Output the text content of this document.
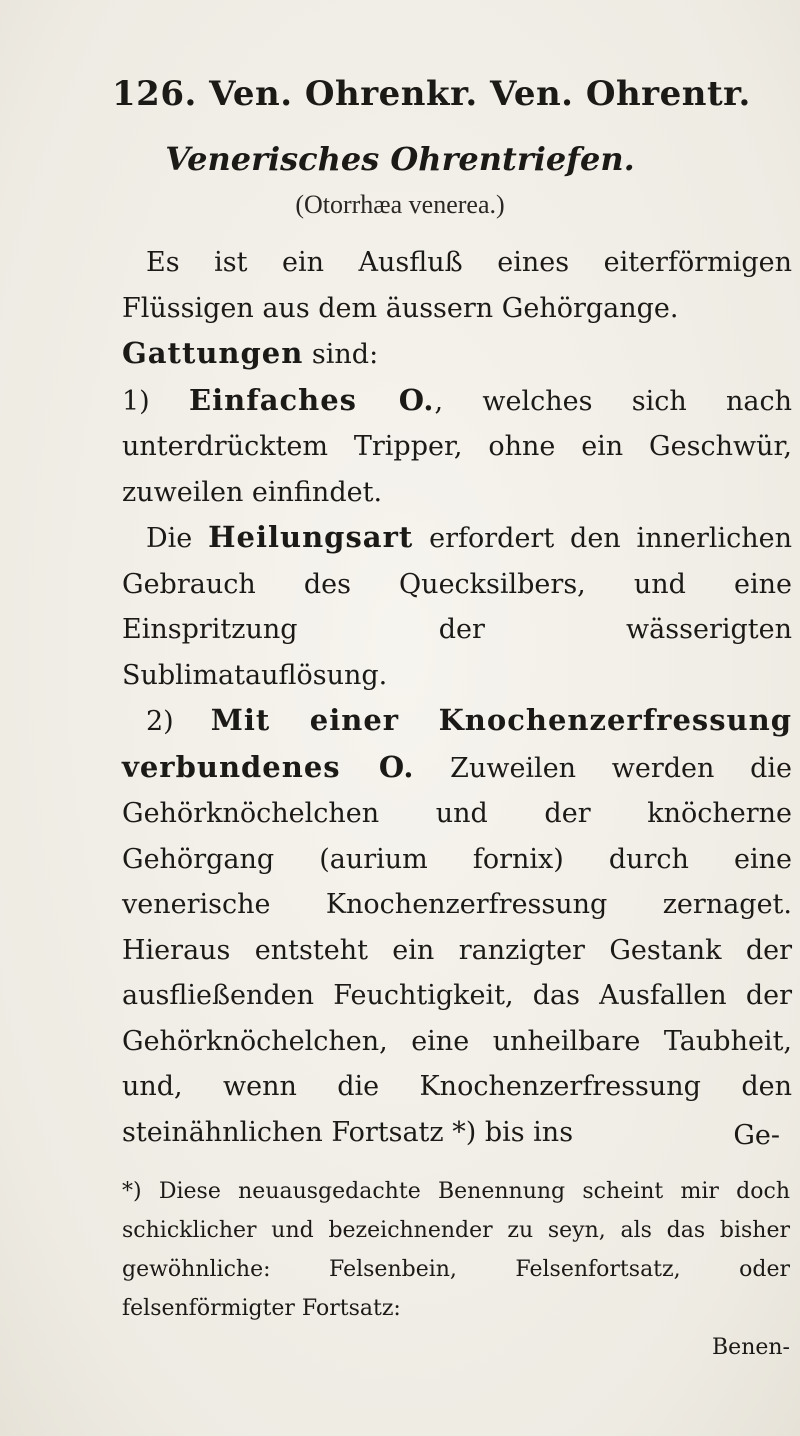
126. Ven. Ohrenkr. Ven. Ohrentr.
Venerisches Ohrentriefen.
(Otorrhæa venerea.)

Es ist ein Ausfluß eines eiterförmigen Flüssigen aus dem äussern Gehörgange.

Gattungen sind:

1) Einfaches O., welches sich nach unterdrücktem Tripper, ohne ein Geschwür, zuweilen einfindet.

Die Heilungsart erfordert den innerlichen Gebrauch des Quecksilbers, und eine Einspritzung der wässerigten Sublimatauflösung.

2) Mit einer Knochenzerfressung verbundenes O. Zuweilen werden die Gehörknöchelchen und der knöcherne Gehörgang (aurium fornix) durch eine venerische Knochenzerfressung zernaget. Hieraus entsteht ein ranzigter Gestank der ausfließenden Feuchtigkeit, das Ausfallen der Gehörknöchelchen, eine unheilbare Taubheit, und, wenn die Knochenzerfressung den steinähnlichen Fortsatz *) bis ins	Ge-

*) Diese neuausgedachte Benennung scheint mir doch schicklicher und bezeichnender zu seyn, als das bisher gewöhnliche: Felsenbein, Felsenfortsatz, oder felsenförmigter Fortsatz:

Benen-
